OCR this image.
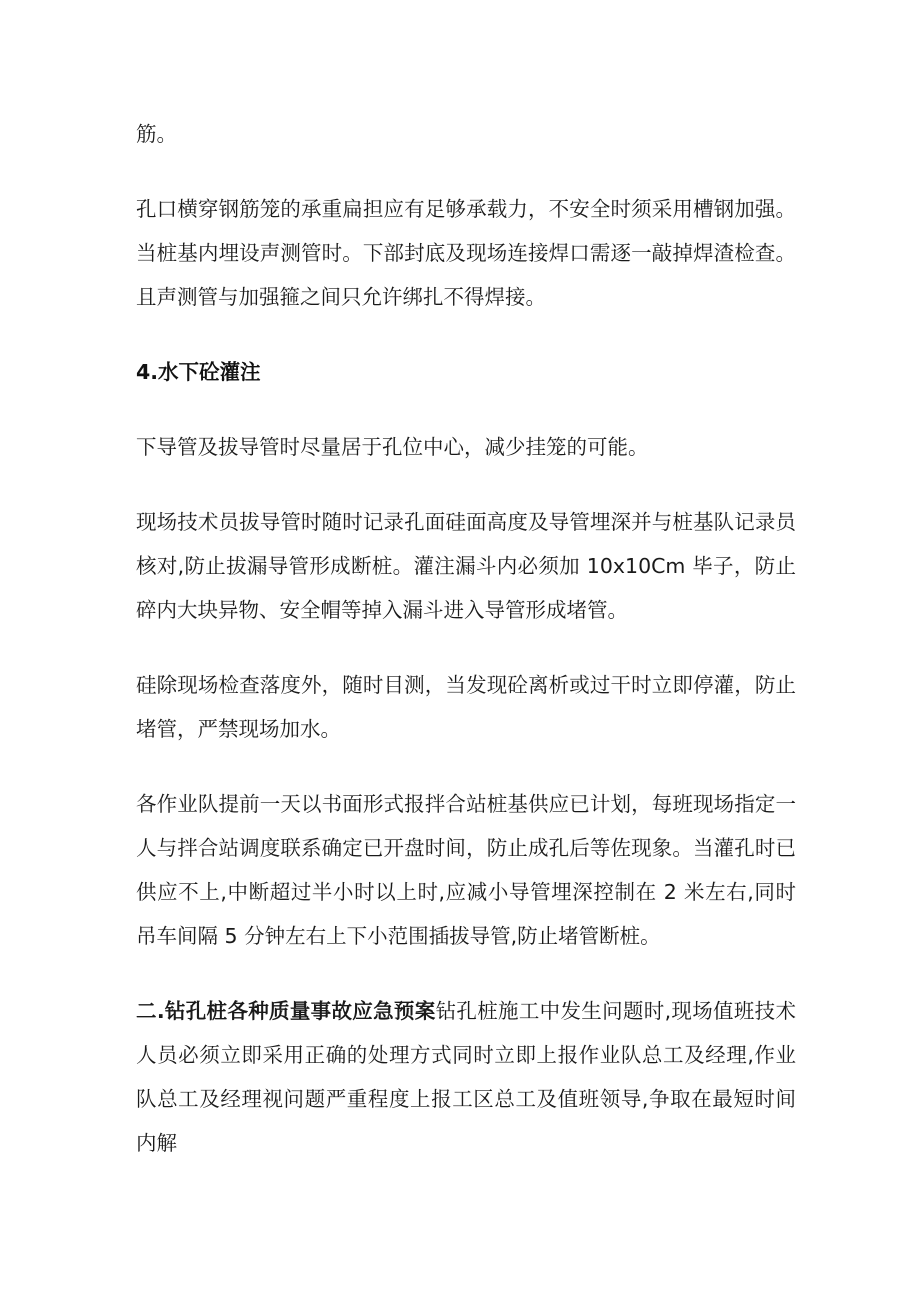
筋。

孔口横穿钢筋笼的承重扁担应有足够承载力，不安全时须采用槽钢加强。当桩基内埋设声测管时。下部封底及现场连接焊口需逐一敲掉焊渣检查。且声测管与加强箍之间只允许绑扎不得焊接。

4.水下砼灌注

下导管及拔导管时尽量居于孔位中心，减少挂笼的可能。

现场技术员拔导管时随时记录孔面硅面高度及导管埋深并与桩基队记录员核对,防止拔漏导管形成断桩。灌注漏斗内必须加 10x10Cm 毕子，防止碎内大块异物、安全帽等掉入漏斗进入导管形成堵管。

硅除现场检查落度外，随时目测，当发现砼离析或过干时立即停灌，防止堵管，严禁现场加水。

各作业队提前一天以书面形式报拌合站桩基供应已计划，每班现场指定一人与拌合站调度联系确定已开盘时间，防止成孔后等佐现象。当灌孔时已供应不上,中断超过半小时以上时,应减小导管埋深控制在 2 米左右,同时吊车间隔 5 分钟左右上下小范围插拔导管,防止堵管断桩。

二.钻孔桩各种质量事故应急预案钻孔桩施工中发生问题时,现场值班技术人员必须立即采用正确的处理方式同时立即上报作业队总工及经理,作业队总工及经理视问题严重程度上报工区总工及值班领导,争取在最短时间内解
